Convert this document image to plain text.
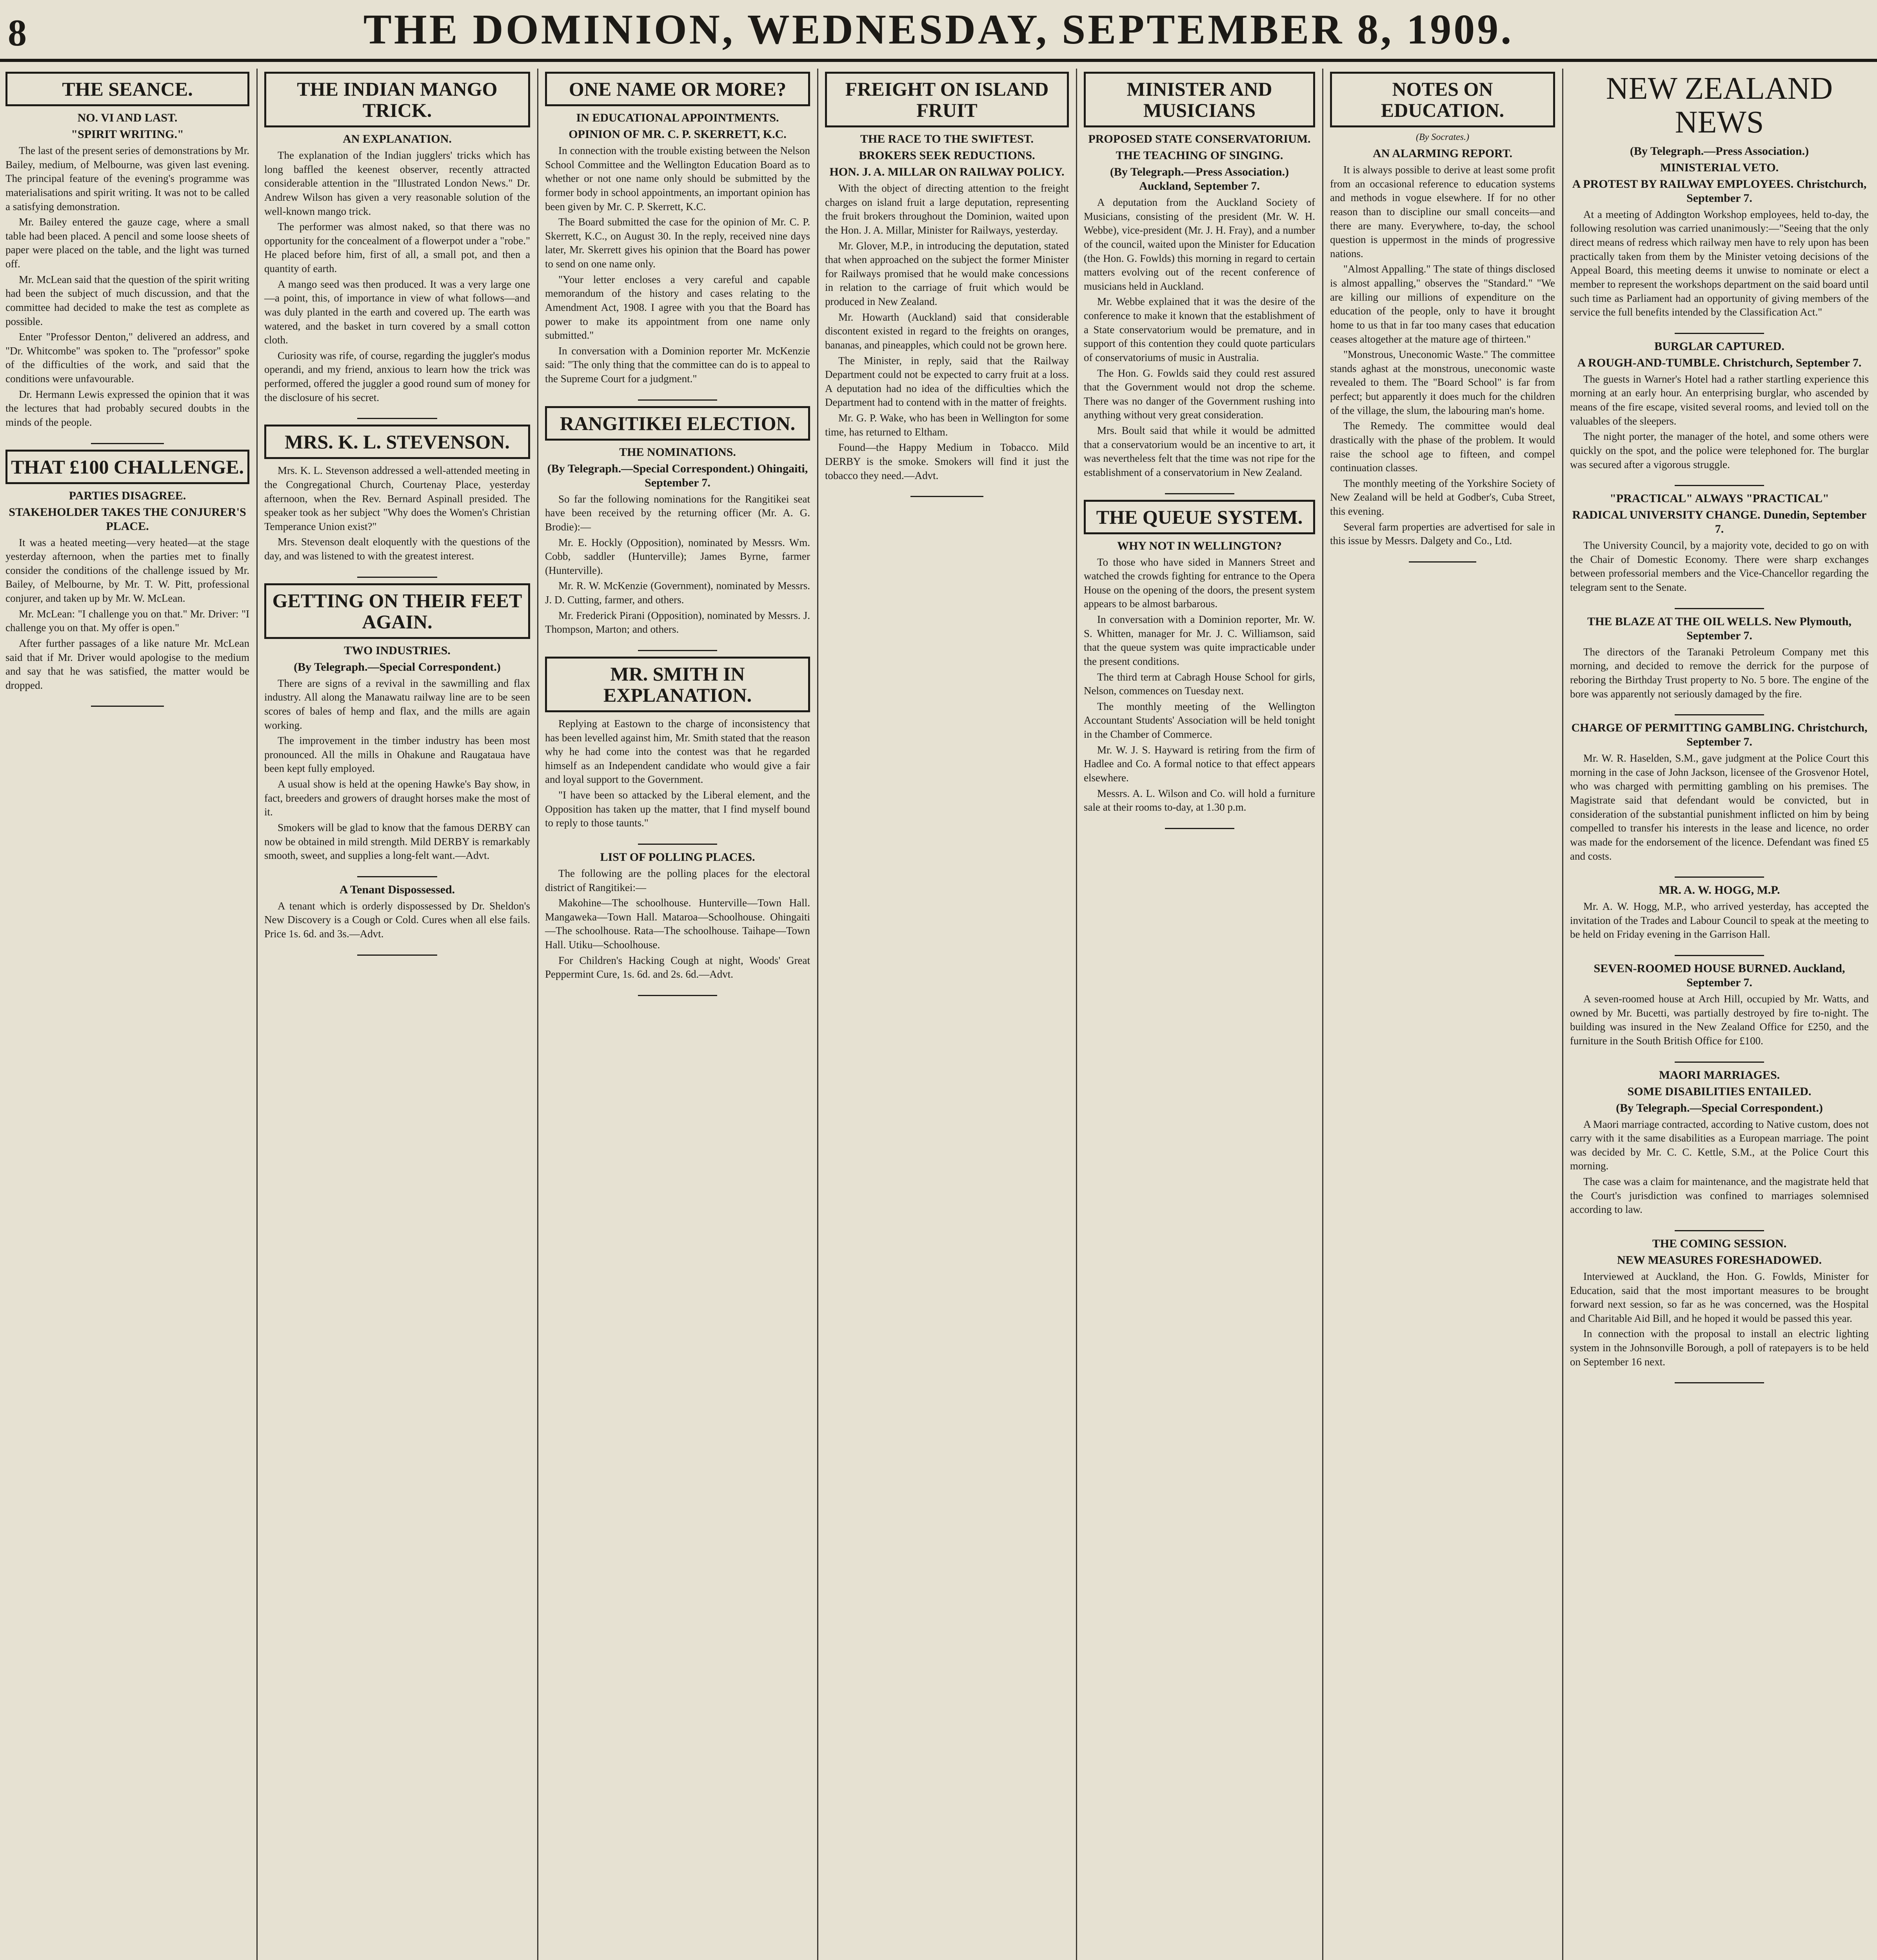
8	THE DOMINION, WEDNESDAY, SEPTEMBER 8, 1909.
THE SEANCE.
NO. VI AND LAST.
"SPIRIT WRITING."
The last of the present series of demonstrations by Mr. Bailey, medium, of Melbourne, was given last evening. The principal feature of the evening's programme was materialisations and spirit writing. It was not to be called a satisfying demonstration.
Mr. Bailey entered the gauze cage, where a small table had been placed. A pencil and some loose sheets of paper were placed on the table, and the light was turned off.
Mr. McLean said that the question of the spirit writing had been the subject of much discussion, and that the committee had decided to make the test as complete as possible.
Enter "Professor Denton," delivered an address, and "Dr. Whitcombe" was spoken to. The "professor" spoke of the difficulties of the work, and said that the conditions were unfavourable.
Dr. Hermann Lewis expressed the opinion that it was the lectures that had probably secured doubts in the minds of the people.
THAT £100 CHALLENGE.
PARTIES DISAGREE.
STAKEHOLDER TAKES THE CONJURER'S PLACE.
It was a heated meeting—very heated—at the stage yesterday afternoon, when the parties met to finally consider the conditions of the challenge issued by Mr. Bailey, of Melbourne, by Mr. T. W. Pitt, professional conjurer, and taken up by Mr. W. McLean.
Mr. McLean: "I challenge you on that." Mr. Driver: "I challenge you on that. My offer is open."
After further passages of a like nature Mr. McLean said that if Mr. Driver would apologise to the medium and say that he was satisfied, the matter would be dropped.
THE INDIAN MANGO TRICK.
AN EXPLANATION.
The explanation of the Indian jugglers' tricks which has long baffled the keenest observer, recently attracted considerable attention in the "Illustrated London News." Dr. Andrew Wilson has given a very reasonable solution of the well-known mango trick.
The performer was almost naked, so that there was no opportunity for the concealment of a flowerpot under a "robe." He placed before him, first of all, a small pot, and then a quantity of earth.
A mango seed was then produced. It was a very large one—a point, this, of importance in view of what follows—and was duly planted in the earth and covered up. The earth was watered, and the basket in turn covered by a small cotton cloth.
Curiosity was rife, of course, regarding the juggler's modus operandi, and my friend, anxious to learn how the trick was performed, offered the juggler a good round sum of money for the disclosure of his secret.
MRS. K. L. STEVENSON.
Mrs. K. L. Stevenson addressed a well-attended meeting in the Congregational Church, Courtenay Place, yesterday afternoon, when the Rev. Bernard Aspinall presided. The speaker took as her subject "Why does the Women's Christian Temperance Union exist?"
Mrs. Stevenson dealt eloquently with the questions of the day, and was listened to with the greatest interest.
GETTING ON THEIR FEET AGAIN.
TWO INDUSTRIES.
(By Telegraph.—Special Correspondent.)
There are signs of a revival in the sawmilling and flax industry. All along the Manawatu railway line are to be seen scores of bales of hemp and flax, and the mills are again working.
The improvement in the timber industry has been most pronounced. All the mills in Ohakune and Raugataua have been kept fully employed.
A usual show is held at the opening Hawke's Bay show, in fact, breeders and growers of draught horses make the most of it.
Smokers will be glad to know that the famous DERBY can now be obtained in mild strength. Mild DERBY is remarkably smooth, sweet, and supplies a long-felt want.—Advt.
A Tenant Dispossessed.
A tenant which is orderly dispossessed by Dr. Sheldon's New Discovery is a Cough or Cold. Cures when all else fails. Price 1s. 6d. and 3s.—Advt.
ONE NAME OR MORE?
IN EDUCATIONAL APPOINTMENTS.
OPINION OF MR. C. P. SKERRETT, K.C.
In connection with the trouble existing between the Nelson School Committee and the Wellington Education Board as to whether or not one name only should be submitted by the former body in school appointments, an important opinion has been given by Mr. C. P. Skerrett, K.C.
The Board submitted the case for the opinion of Mr. C. P. Skerrett, K.C., on August 30. In the reply, received nine days later, Mr. Skerrett gives his opinion that the Board has power to send on one name only.
"Your letter encloses a very careful and capable memorandum of the history and cases relating to the Amendment Act, 1908. I agree with you that the Board has power to make its appointment from one name only submitted."
In conversation with a Dominion reporter Mr. McKenzie said: "The only thing that the committee can do is to appeal to the Supreme Court for a judgment."
RANGITIKEI ELECTION.
THE NOMINATIONS.
(By Telegraph.—Special Correspondent.) Ohingaiti, September 7.
So far the following nominations for the Rangitikei seat have been received by the returning officer (Mr. A. G. Brodie):—
Mr. E. Hockly (Opposition), nominated by Messrs. Wm. Cobb, saddler (Hunterville); James Byrne, farmer (Hunterville).
Mr. R. W. McKenzie (Government), nominated by Messrs. J. D. Cutting, farmer, and others.
Mr. Frederick Pirani (Opposition), nominated by Messrs. J. Thompson, Marton; and others.
MR. SMITH IN EXPLANATION.
Replying at Eastown to the charge of inconsistency that has been levelled against him, Mr. Smith stated that the reason why he had come into the contest was that he regarded himself as an Independent candidate who would give a fair and loyal support to the Government.
"I have been so attacked by the Liberal element, and the Opposition has taken up the matter, that I find myself bound to reply to those taunts."
LIST OF POLLING PLACES.
The following are the polling places for the electoral district of Rangitikei:—
Makohine—The schoolhouse. Hunterville—Town Hall. Mangaweka—Town Hall. Mataroa—Schoolhouse. Ohingaiti—The schoolhouse. Rata—The schoolhouse. Taihape—Town Hall. Utiku—Schoolhouse.
For Children's Hacking Cough at night, Woods' Great Peppermint Cure, 1s. 6d. and 2s. 6d.—Advt.
FREIGHT ON ISLAND FRUIT
THE RACE TO THE SWIFTEST.
BROKERS SEEK REDUCTIONS.
HON. J. A. MILLAR ON RAILWAY POLICY.
With the object of directing attention to the freight charges on island fruit a large deputation, representing the fruit brokers throughout the Dominion, waited upon the Hon. J. A. Millar, Minister for Railways, yesterday.
Mr. Glover, M.P., in introducing the deputation, stated that when approached on the subject the former Minister for Railways promised that he would make concessions in relation to the carriage of fruit which would be produced in New Zealand.
Mr. Howarth (Auckland) said that considerable discontent existed in regard to the freights on oranges, bananas, and pineapples, which could not be grown here.
The Minister, in reply, said that the Railway Department could not be expected to carry fruit at a loss. A deputation had no idea of the difficulties which the Department had to contend with in the matter of freights.
Mr. G. P. Wake, who has been in Wellington for some time, has returned to Eltham.
Found—the Happy Medium in Tobacco. Mild DERBY is the smoke. Smokers will find it just the tobacco they need.—Advt.
MINISTER AND MUSICIANS
PROPOSED STATE CONSERVATORIUM.
THE TEACHING OF SINGING.
(By Telegraph.—Press Association.) Auckland, September 7.
A deputation from the Auckland Society of Musicians, consisting of the president (Mr. W. H. Webbe), vice-president (Mr. J. H. Fray), and a number of the council, waited upon the Minister for Education (the Hon. G. Fowlds) this morning in regard to certain matters evolving out of the recent conference of musicians held in Auckland.
Mr. Webbe explained that it was the desire of the conference to make it known that the establishment of a State conservatorium would be premature, and in support of this contention they could quote particulars of conservatoriums of music in Australia.
The Hon. G. Fowlds said they could rest assured that the Government would not drop the scheme. There was no danger of the Government rushing into anything without very great consideration.
Mrs. Boult said that while it would be admitted that a conservatorium would be an incentive to art, it was nevertheless felt that the time was not ripe for the establishment of a conservatorium in New Zealand.
THE QUEUE SYSTEM.
WHY NOT IN WELLINGTON?
To those who have sided in Manners Street and watched the crowds fighting for entrance to the Opera House on the opening of the doors, the present system appears to be almost barbarous.
In conversation with a Dominion reporter, Mr. W. S. Whitten, manager for Mr. J. C. Williamson, said that the queue system was quite impracticable under the present conditions.
The third term at Cabragh House School for girls, Nelson, commences on Tuesday next.
The monthly meeting of the Wellington Accountant Students' Association will be held tonight in the Chamber of Commerce.
Mr. W. J. S. Hayward is retiring from the firm of Hadlee and Co. A formal notice to that effect appears elsewhere.
Messrs. A. L. Wilson and Co. will hold a furniture sale at their rooms to-day, at 1.30 p.m.
NOTES ON EDUCATION.
(By Socrates.)
AN ALARMING REPORT.
It is always possible to derive at least some profit from an occasional reference to education systems and methods in vogue elsewhere. If for no other reason than to discipline our small conceits—and there are many. Everywhere, to-day, the school question is uppermost in the minds of progressive nations.
"Almost Appalling." The state of things disclosed is almost appalling," observes the "Standard." "We are killing our millions of expenditure on the education of the people, only to have it brought home to us that in far too many cases that education ceases altogether at the mature age of thirteen."
"Monstrous, Uneconomic Waste." The committee stands aghast at the monstrous, uneconomic waste revealed to them. The "Board School" is far from perfect; but apparently it does much for the children of the village, the slum, the labouring man's home.
The Remedy. The committee would deal drastically with the phase of the problem. It would raise the school age to fifteen, and compel continuation classes.
The monthly meeting of the Yorkshire Society of New Zealand will be held at Godber's, Cuba Street, this evening.
Several farm properties are advertised for sale in this issue by Messrs. Dalgety and Co., Ltd.
NEW ZEALAND NEWS
(By Telegraph.—Press Association.)
MINISTERIAL VETO.
A PROTEST BY RAILWAY EMPLOYEES. Christchurch, September 7.
At a meeting of Addington Workshop employees, held to-day, the following resolution was carried unanimously:—"Seeing that the only direct means of redress which railway men have to rely upon has been practically taken from them by the Minister vetoing decisions of the Appeal Board, this meeting deems it unwise to nominate or elect a member to represent the workshops department on the said board until such time as Parliament had an opportunity of giving members of the service the full benefits intended by the Classification Act."
BURGLAR CAPTURED.
A ROUGH-AND-TUMBLE. Christchurch, September 7.
The guests in Warner's Hotel had a rather startling experience this morning at an early hour. An enterprising burglar, who ascended by means of the fire escape, visited several rooms, and levied toll on the valuables of the sleepers.
The night porter, the manager of the hotel, and some others were quickly on the spot, and the police were telephoned for. The burglar was secured after a vigorous struggle.
"PRACTICAL" ALWAYS "PRACTICAL"
RADICAL UNIVERSITY CHANGE. Dunedin, September 7.
The University Council, by a majority vote, decided to go on with the Chair of Domestic Economy. There were sharp exchanges between professorial members and the Vice-Chancellor regarding the telegram sent to the Senate.
THE BLAZE AT THE OIL WELLS. New Plymouth, September 7.
The directors of the Taranaki Petroleum Company met this morning, and decided to remove the derrick for the purpose of reboring the Birthday Trust property to No. 5 bore. The engine of the bore was apparently not seriously damaged by the fire.
CHARGE OF PERMITTING GAMBLING. Christchurch, September 7.
Mr. W. R. Haselden, S.M., gave judgment at the Police Court this morning in the case of John Jackson, licensee of the Grosvenor Hotel, who was charged with permitting gambling on his premises. The Magistrate said that defendant would be convicted, but in consideration of the substantial punishment inflicted on him by being compelled to transfer his interests in the lease and licence, no order was made for the endorsement of the licence. Defendant was fined £5 and costs.
MR. A. W. HOGG, M.P.
Mr. A. W. Hogg, M.P., who arrived yesterday, has accepted the invitation of the Trades and Labour Council to speak at the meeting to be held on Friday evening in the Garrison Hall.
SEVEN-ROOMED HOUSE BURNED. Auckland, September 7.
A seven-roomed house at Arch Hill, occupied by Mr. Watts, and owned by Mr. Bucetti, was partially destroyed by fire to-night. The building was insured in the New Zealand Office for £250, and the furniture in the South British Office for £100.
MAORI MARRIAGES.
SOME DISABILITIES ENTAILED.
(By Telegraph.—Special Correspondent.)
A Maori marriage contracted, according to Native custom, does not carry with it the same disabilities as a European marriage. The point was decided by Mr. C. C. Kettle, S.M., at the Police Court this morning.
The case was a claim for maintenance, and the magistrate held that the Court's jurisdiction was confined to marriages solemnised according to law.
THE COMING SESSION.
NEW MEASURES FORESHADOWED.
Interviewed at Auckland, the Hon. G. Fowlds, Minister for Education, said that the most important measures to be brought forward next session, so far as he was concerned, was the Hospital and Charitable Aid Bill, and he hoped it would be passed this year.
In connection with the proposal to install an electric lighting system in the Johnsonville Borough, a poll of ratepayers is to be held on September 16 next.
